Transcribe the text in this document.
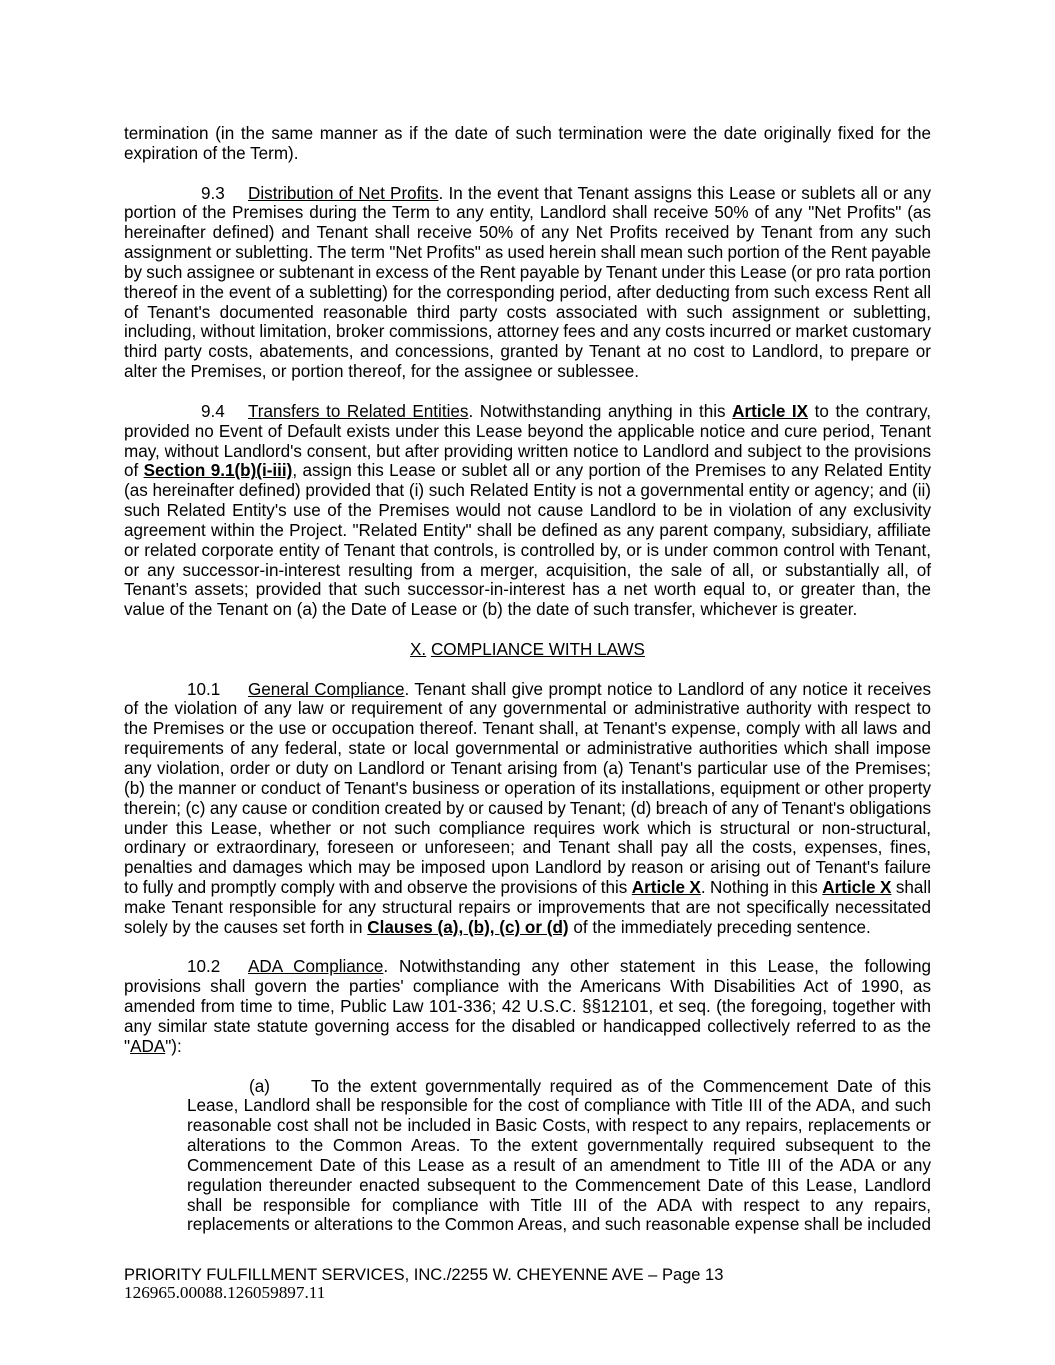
termination (in the same manner as if the date of such termination were the date originally fixed for the
expiration of the Term).
9.3 Distribution of Net Profits. In the event that Tenant assigns this Lease or sublets all or any
portion of the Premises during the Term to any entity, Landlord shall receive 50% of any "Net Profits" (as
hereinafter defined) and Tenant shall receive 50% of any Net Profits received by Tenant from any such
assignment or subletting. The term "Net Profits" as used herein shall mean such portion of the Rent payable
by such assignee or subtenant in excess of the Rent payable by Tenant under this Lease (or pro rata portion
thereof in the event of a subletting) for the corresponding period, after deducting from such excess Rent all
of Tenant's documented reasonable third party costs associated with such assignment or subletting,
including, without limitation, broker commissions, attorney fees and any costs incurred or market customary
third party costs, abatements, and concessions, granted by Tenant at no cost to Landlord, to prepare or
alter the Premises, or portion thereof, for the assignee or sublessee.
9.4 Transfers to Related Entities. Notwithstanding anything in this Article IX to the contrary,
provided no Event of Default exists under this Lease beyond the applicable notice and cure period, Tenant
may, without Landlord's consent, but after providing written notice to Landlord and subject to the provisions
of Section 9.1(b)(i-iii), assign this Lease or sublet all or any portion of the Premises to any Related Entity
(as hereinafter defined) provided that (i) such Related Entity is not a governmental entity or agency; and (ii)
such Related Entity's use of the Premises would not cause Landlord to be in violation of any exclusivity
agreement within the Project. "Related Entity" shall be defined as any parent company, subsidiary, affiliate
or related corporate entity of Tenant that controls, is controlled by, or is under common control with Tenant,
or any successor-in-interest resulting from a merger, acquisition, the sale of all, or substantially all, of
Tenant’s assets; provided that such successor-in-interest has a net worth equal to, or greater than, the
value of the Tenant on (a) the Date of Lease or (b) the date of such transfer, whichever is greater.
X. COMPLIANCE WITH LAWS
10.1 General Compliance. Tenant shall give prompt notice to Landlord of any notice it receives
of the violation of any law or requirement of any governmental or administrative authority with respect to
the Premises or the use or occupation thereof. Tenant shall, at Tenant's expense, comply with all laws and
requirements of any federal, state or local governmental or administrative authorities which shall impose
any violation, order or duty on Landlord or Tenant arising from (a) Tenant's particular use of the Premises;
(b) the manner or conduct of Tenant's business or operation of its installations, equipment or other property
therein; (c) any cause or condition created by or caused by Tenant; (d) breach of any of Tenant's obligations
under this Lease, whether or not such compliance requires work which is structural or non-structural,
ordinary or extraordinary, foreseen or unforeseen; and Tenant shall pay all the costs, expenses, fines,
penalties and damages which may be imposed upon Landlord by reason or arising out of Tenant's failure
to fully and promptly comply with and observe the provisions of this Article X. Nothing in this Article X shall
make Tenant responsible for any structural repairs or improvements that are not specifically necessitated
solely by the causes set forth in Clauses (a), (b), (c) or (d) of the immediately preceding sentence.
10.2 ADA Compliance. Notwithstanding any other statement in this Lease, the following
provisions shall govern the parties' compliance with the Americans With Disabilities Act of 1990, as
amended from time to time, Public Law 101-336; 42 U.S.C. §§12101, et seq. (the foregoing, together with
any similar state statute governing access for the disabled or handicapped collectively referred to as the
"ADA"):
(a) To the extent governmentally required as of the Commencement Date of this
Lease, Landlord shall be responsible for the cost of compliance with Title III of the ADA, and such
reasonable cost shall not be included in Basic Costs, with respect to any repairs, replacements or
alterations to the Common Areas. To the extent governmentally required subsequent to the
Commencement Date of this Lease as a result of an amendment to Title III of the ADA or any
regulation thereunder enacted subsequent to the Commencement Date of this Lease, Landlord
shall be responsible for compliance with Title III of the ADA with respect to any repairs,
replacements or alterations to the Common Areas, and such reasonable expense shall be included
PRIORITY FULFILLMENT SERVICES, INC./2255 W. CHEYENNE AVE – Page 13
126965.00088.126059897.11
